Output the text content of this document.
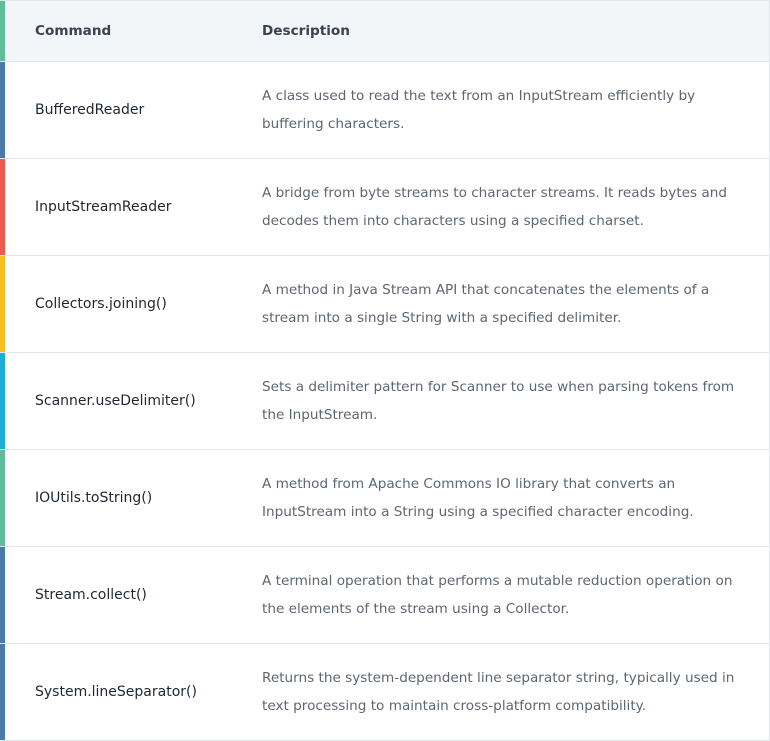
Command	Description
BufferedReader
A class used to read the text from an InputStream efficiently by buffering characters.
InputStreamReader
A bridge from byte streams to character streams. It reads bytes and decodes them into characters using a specified charset.
Collectors.joining()
A method in Java Stream API that concatenates the elements of a stream into a single String with a specified delimiter.
Scanner.useDelimiter()
Sets a delimiter pattern for Scanner to use when parsing tokens from the InputStream.
IOUtils.toString()
A method from Apache Commons IO library that converts an InputStream into a String using a specified character encoding.
Stream.collect()
A terminal operation that performs a mutable reduction operation on the elements of the stream using a Collector.
System.lineSeparator()
Returns the system-dependent line separator string, typically used in text processing to maintain cross-platform compatibility.
